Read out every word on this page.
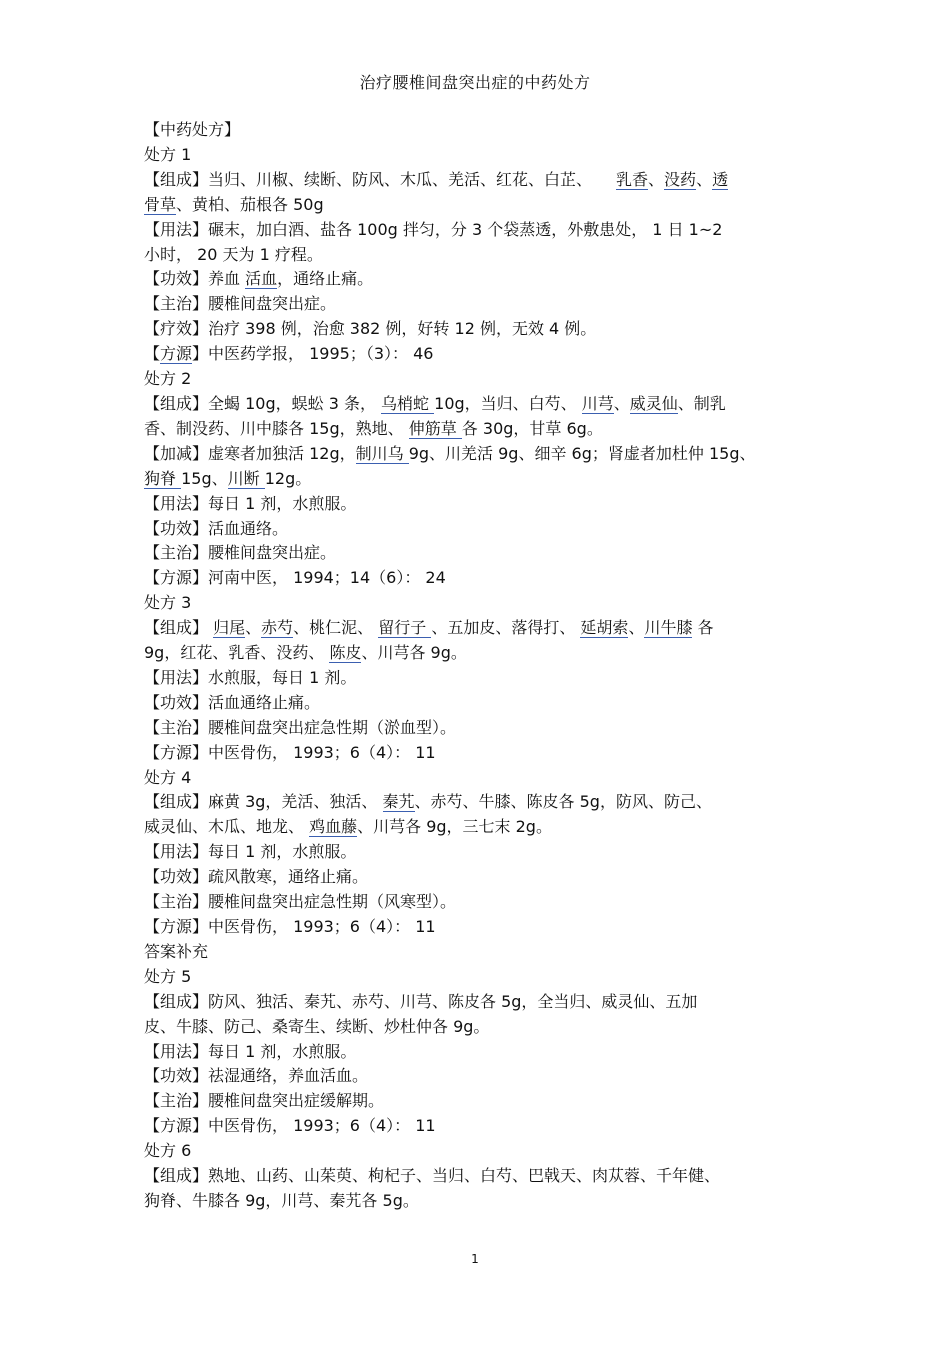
治疗腰椎间盘突出症的中药处方
【中药处方】
处方 1
【组成】当归、川椒、续断、防风、木瓜、羌活、红花、白芷、　　乳香、没药、透
骨草、黄柏、茄根各 50g
【用法】碾末，加白酒、盐各 100g 拌匀，分 3 个袋蒸透，外敷患处， 1 日 1~2
小时， 20 天为 1 疗程。
【功效】养血 活血，通络止痛。
【主治】腰椎间盘突出症。
【疗效】治疗 398 例，治愈 382 例，好转 12 例，无效 4 例。
【方源】中医药学报， 1995；（3）： 46
处方 2
【组成】全蝎 10g，蜈蚣 3 条， 乌梢蛇 10g，当归、白芍、 川芎、威灵仙、制乳
香、制没药、川中膝各 15g，熟地、 伸筋草 各 30g，甘草 6g。
【加减】虚寒者加独活 12g，制川乌 9g、川羌活 9g、细辛 6g；肾虚者加杜仲 15g、
狗脊 15g、川断 12g。
【用法】每日 1 剂，水煎服。
【功效】活血通络。
【主治】腰椎间盘突出症。
【方源】河南中医， 1994；14（6）： 24
处方 3
【组成】 归尾、赤芍、桃仁泥、 留行子 、五加皮、落得打、 延胡索、川牛膝 各
9g，红花、乳香、没药、 陈皮、川芎各 9g。
【用法】水煎服，每日 1 剂。
【功效】活血通络止痛。
【主治】腰椎间盘突出症急性期（淤血型）。
【方源】中医骨伤， 1993；6（4）： 11
处方 4
【组成】麻黄 3g，羌活、独活、 秦艽、赤芍、牛膝、陈皮各 5g，防风、防己、
威灵仙、木瓜、地龙、 鸡血藤、川芎各 9g，三七末 2g。
【用法】每日 1 剂，水煎服。
【功效】疏风散寒，通络止痛。
【主治】腰椎间盘突出症急性期（风寒型）。
【方源】中医骨伤， 1993；6（4）： 11
答案补充
处方 5
【组成】防风、独活、秦艽、赤芍、川芎、陈皮各 5g，全当归、威灵仙、五加
皮、牛膝、防己、桑寄生、续断、炒杜仲各 9g。
【用法】每日 1 剂，水煎服。
【功效】祛湿通络，养血活血。
【主治】腰椎间盘突出症缓解期。
【方源】中医骨伤， 1993；6（4）： 11
处方 6
【组成】熟地、山药、山茱萸、枸杞子、当归、白芍、巴戟天、肉苁蓉、千年健、
狗脊、牛膝各 9g，川芎、秦艽各 5g。
1
